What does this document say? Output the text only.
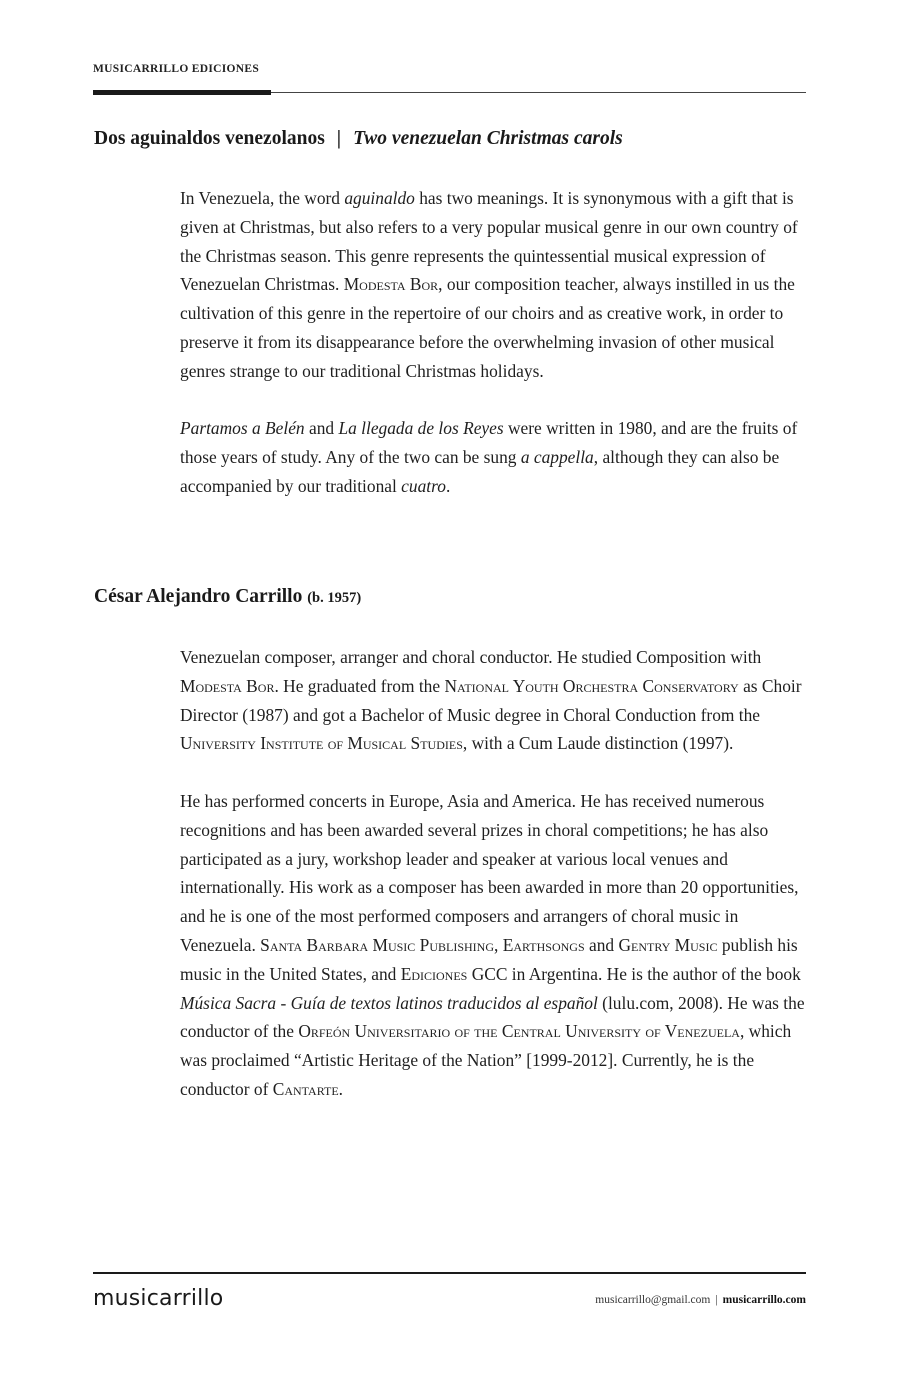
MUSICARRILLO EDICIONES
Dos aguinaldos venezolanos | Two venezuelan Christmas carols

In Venezuela, the word aguinaldo has two meanings. It is synonymous with a gift that is given at Christmas, but also refers to a very popular musical genre in our own country of the Christmas season. This genre represents the quintessential musical expression of Venezuelan Christmas. Modesta Bor, our composition teacher, always instilled in us the cultivation of this genre in the repertoire of our choirs and as creative work, in order to preserve it from its disappearance before the overwhelming invasion of other musical genres strange to our traditional Christmas holidays.

Partamos a Belén and La llegada de los Reyes were written in 1980, and are the fruits of those years of study. Any of the two can be sung a cappella, although they can also be accompanied by our traditional cuatro.

César Alejandro Carrillo (b. 1957)

Venezuelan composer, arranger and choral conductor. He studied Composition with Modesta Bor. He graduated from the National Youth Orchestra Conservatory as Choir Director (1987) and got a Bachelor of Music degree in Choral Conduction from the University Institute of Musical Studies, with a Cum Laude distinction (1997).

He has performed concerts in Europe, Asia and America. He has received numerous recognitions and has been awarded several prizes in choral competitions; he has also participated as a jury, workshop leader and speaker at various local venues and internationally. His work as a composer has been awarded in more than 20 opportunities, and he is one of the most performed composers and arrangers of choral music in Venezuela. Santa Barbara Music Publishing, Earthsongs and Gentry Music publish his music in the United States, and Ediciones GCC in Argentina. He is the author of the book Música Sacra - Guía de textos latinos traducidos al español (lulu.com, 2008). He was the conductor of the Orfeón Universitario of the Central University of Venezuela, which was proclaimed “Artistic Heritage of the Nation” [1999-2012]. Currently, he is the conductor of Cantarte.

musicarrillo	musicarrillo@gmail.com | musicarrillo.com
